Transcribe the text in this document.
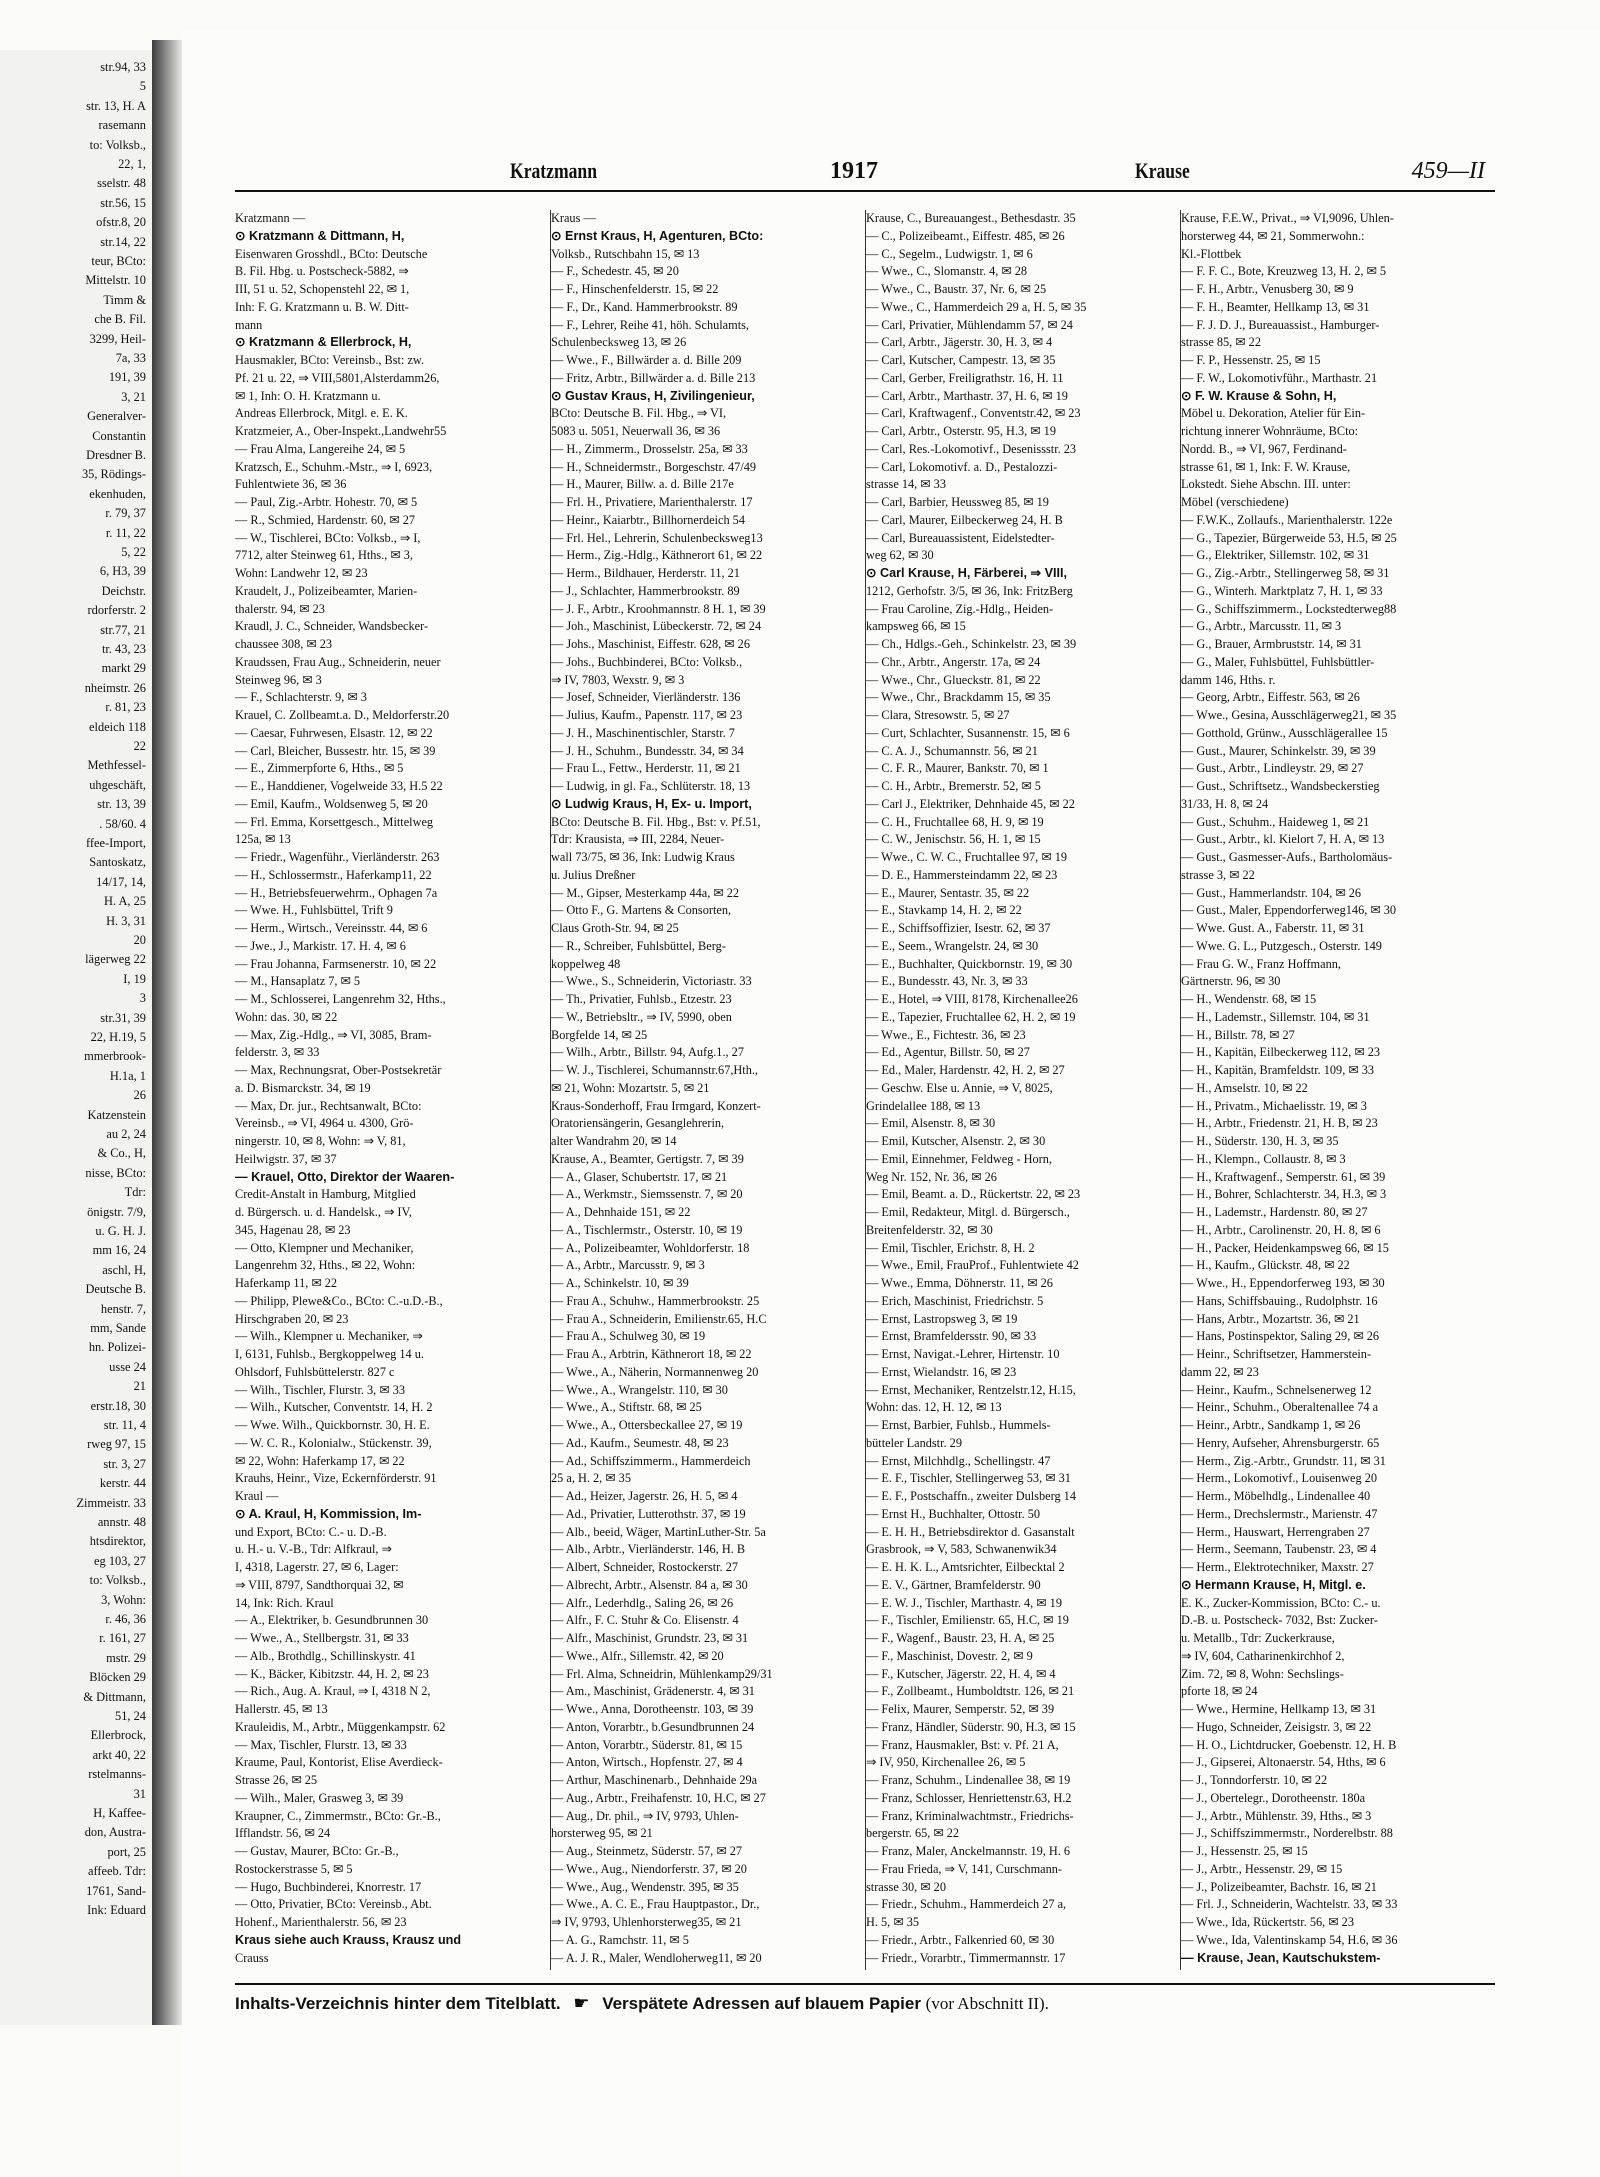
str.94, 33
5
str. 13, H. A
rasemann
to: Volksb.,
22, 1,
sselstr. 48
str.56, 15
ofstr.8, 20
str.14, 22
teur, BCto:
Mittelstr. 10
Timm &
che B. Fil.
3299, Heil-
7a, 33
191, 39
3, 21
Generalver-
Constantin
Dresdner B.
35, Rödings-
ekenhuden,
r. 79, 37
r. 11, 22
5, 22
6, H3, 39
Deichstr.
rdorferstr. 2
str.77, 21
tr. 43, 23
markt 29
nheimstr. 26
r. 81, 23
eldeich 118
22
Methfessel-
uhgeschäft,
str. 13, 39
. 58/60. 4
ffee-Import,
Santoskatz,
14/17, 14,
H. A, 25
H. 3, 31
20
lägerweg 22
I, 19
3
str.31, 39
22, H.19, 5
mmerbrook-
H.1a, 1
26
Katzenstein
au 2, 24
& Co., H,
nisse, BCto:
Tdr:
önigstr. 7/9,
u. G. H. J.
mm 16, 24
aschl, H,
Deutsche B.
henstr. 7,
mm, Sande
hn. Polizei-
usse 24
21
erstr.18, 30
str. 11, 4
rweg 97, 15
str. 3, 27
kerstr. 44
Zimmeistr. 33
annstr. 48
htsdirektor,
eg 103, 27
to: Volksb.,
3, Wohn:
r. 46, 36
r. 161, 27
mstr. 29
Blöcken 29
& Dittmann,
51, 24
Ellerbrock,
arkt 40, 22
rstelmanns-
31
H, Kaffee-
don, Austra-
port, 25
affeeb. Tdr:
1761, Sand-
Ink: Eduard
Kratzmann	1917	Krause	459—II
Kratzmann —
⊙ Kratzmann & Dittmann, H,
Eisenwaren Grosshdl., BCto: Deutsche
B. Fil. Hbg. u. Postscheck-5882, ⇒
III, 51 u. 52, Schopenstehl 22, ✉ 1,
Inh: F. G. Kratzmann u. B. W. Ditt-
mann
⊙ Kratzmann & Ellerbrock, H,
Hausmakler, BCto: Vereinsb., Bst: zw.
Pf. 21 u. 22, ⇒ VIII,5801,Alsterdamm26,
✉ 1, Inh: O. H. Kratzmann u.
Andreas Ellerbrock, Mitgl. e. E. K.
Kratzmeier, A., Ober-Inspekt.,Landwehr55
— Frau Alma, Langereihe 24, ✉ 5
Kratzsch, E., Schuhm.-Mstr., ⇒ I, 6923,
Fuhlentwiete 36, ✉ 36
— Paul, Zig.-Arbtr. Hohestr. 70, ✉ 5
— R., Schmied, Hardenstr. 60, ✉ 27
— W., Tischlerei, BCto: Volksb., ⇒ I,
7712, alter Steinweg 61, Hths., ✉ 3,
Wohn: Landwehr 12, ✉ 23
Kraudelt, J., Polizeibeamter, Marien-
thalerstr. 94, ✉ 23
Kraudl, J. C., Schneider, Wandsbecker-
chaussee 308, ✉ 23
Kraudssen, Frau Aug., Schneiderin, neuer
Steinweg 96, ✉ 3
— F., Schlachterstr. 9, ✉ 3
Krauel, C. Zollbeamt.a. D., Meldorferstr.20
— Caesar, Fuhrwesen, Elsastr. 12, ✉ 22
— Carl, Bleicher, Bussestr. htr. 15, ✉ 39
— E., Zimmerpforte 6, Hths., ✉ 5
— E., Handdiener, Vogelweide 33, H.5 22
— Emil, Kaufm., Woldsenweg 5, ✉ 20
— Frl. Emma, Korsettgesch., Mittelweg
125a, ✉ 13
— Friedr., Wagenführ., Vierländerstr. 263
— H., Schlossermstr., Haferkamp11, 22
— H., Betriebsfeuerwehrm., Ophagen 7a
— Wwe. H., Fuhlsbüttel, Trift 9
— Herm., Wirtsch., Vereinsstr. 44, ✉ 6
— Jwe., J., Markistr. 17. H. 4, ✉ 6
— Frau Johanna, Farmsenerstr. 10, ✉ 22
— M., Hansaplatz 7, ✉ 5
— M., Schlosserei, Langenrehm 32, Hths.,
Wohn: das. 30, ✉ 22
— Max, Zig.-Hdlg., ⇒ VI, 3085, Bram-
felderstr. 3, ✉ 33
— Max, Rechnungsrat, Ober-Postsekretär
a. D. Bismarckstr. 34, ✉ 19
— Max, Dr. jur., Rechtsanwalt, BCto:
Vereinsb., ⇒ VI, 4964 u. 4300, Grö-
ningerstr. 10, ✉ 8, Wohn: ⇒ V, 81,
Heilwigstr. 37, ✉ 37
— Krauel, Otto, Direktor der Waaren-
Credit-Anstalt in Hamburg, Mitglied
d. Bürgersch. u. d. Handelsk., ⇒ IV,
345, Hagenau 28, ✉ 23
— Otto, Klempner und Mechaniker,
Langenrehm 32, Hths., ✉ 22, Wohn:
Haferkamp 11, ✉ 22
— Philipp, Plewe&Co., BCto: C.-u.D.-B.,
Hirschgraben 20, ✉ 23
— Wilh., Klempner u. Mechaniker, ⇒
I, 6131, Fuhlsb., Bergkoppelweg 14 u.
Ohlsdorf, Fuhlsbüttelerstr. 827 c
— Wilh., Tischler, Flurstr. 3, ✉ 33
— Wilh., Kutscher, Conventstr. 14, H. 2
— Wwe. Wilh., Quickbornstr. 30, H. E.
— W. C. R., Kolonialw., Stückenstr. 39,
✉ 22, Wohn: Haferkamp 17, ✉ 22
Krauhs, Heinr., Vize, Eckernförderstr. 91
Kraul —
⊙ A. Kraul, H, Kommission, Im-
und Export, BCto: C.- u. D.-B.
u. H.- u. V.-B., Tdr: Alfkraul, ⇒
I, 4318, Lagerstr. 27, ✉ 6, Lager:
⇒ VIII, 8797, Sandthorquai 32, ✉
14, Ink: Rich. Kraul
— A., Elektriker, b. Gesundbrunnen 30
— Wwe., A., Stellbergstr. 31, ✉ 33
— Alb., Brothdlg., Schillinskystr. 41
— K., Bäcker, Kibitzstr. 44, H. 2, ✉ 23
— Rich., Aug. A. Kraul, ⇒ I, 4318 N 2,
Hallerstr. 45, ✉ 13
Krauleidis, M., Arbtr., Müggenkampstr. 62
— Max, Tischler, Flurstr. 13, ✉ 33
Kraume, Paul, Kontorist, Elise Averdieck-
Strasse 26, ✉ 25
— Wilh., Maler, Grasweg 3, ✉ 39
Kraupner, C., Zimmermstr., BCto: Gr.-B.,
Ifflandstr. 56, ✉ 24
— Gustav, Maurer, BCto: Gr.-B.,
Rostockerstrasse 5, ✉ 5
— Hugo, Buchbinderei, Knorrestr. 17
— Otto, Privatier, BCto: Vereinsb., Abt.
Hohenf., Marienthalerstr. 56, ✉ 23
Kraus siehe auch Krauss, Krausz und
Crauss
Kraus —
⊙ Ernst Kraus, H, Agenturen, BCto:
Volksb., Rutschbahn 15, ✉ 13
— F., Schedestr. 45, ✉ 20
— F., Hinschenfelderstr. 15, ✉ 22
— F., Dr., Kand. Hammerbrookstr. 89
— F., Lehrer, Reihe 41, höh. Schulamts,
Schulenbecksweg 13, ✉ 26
— Wwe., F., Billwärder a. d. Bille 209
— Fritz, Arbtr., Billwärder a. d. Bille 213
⊙ Gustav Kraus, H, Zivilingenieur,
BCto: Deutsche B. Fil. Hbg., ⇒ VI,
5083 u. 5051, Neuerwall 36, ✉ 36
— H., Zimmerm., Drosselstr. 25a, ✉ 33
— H., Schneidermstr., Borgeschstr. 47/49
— H., Maurer, Billw. a. d. Bille 217e
— Frl. H., Privatiere, Marienthalerstr. 17
— Heinr., Kaiarbtr., Billhornerdeich 54
— Frl. Hel., Lehrerin, Schulenbecksweg13
— Herm., Zig.-Hdlg., Käthnerort 61, ✉ 22
— Herm., Bildhauer, Herderstr. 11, 21
— J., Schlachter, Hammerbrookstr. 89
— J. F., Arbtr., Kroohmannstr. 8 H. 1, ✉ 39
— Joh., Maschinist, Lübeckerstr. 72, ✉ 24
— Johs., Maschinist, Eiffestr. 628, ✉ 26
— Johs., Buchbinderei, BCto: Volksb.,
⇒ IV, 7803, Wexstr. 9, ✉ 3
— Josef, Schneider, Vierländerstr. 136
— Julius, Kaufm., Papenstr. 117, ✉ 23
— J. H., Maschinentischler, Starstr. 7
— J. H., Schuhm., Bundesstr. 34, ✉ 34
— Frau L., Fettw., Herderstr. 11, ✉ 21
— Ludwig, in gl. Fa., Schlüterstr. 18, 13
⊙ Ludwig Kraus, H, Ex- u. Import,
BCto: Deutsche B. Fil. Hbg., Bst: v. Pf.51,
Tdr: Krausista, ⇒ III, 2284, Neuer-
wall 73/75, ✉ 36, Ink: Ludwig Kraus
u. Julius Dreßner
— M., Gipser, Mesterkamp 44a, ✉ 22
— Otto F., G. Martens & Consorten,
Claus Groth-Str. 94, ✉ 25
— R., Schreiber, Fuhlsbüttel, Berg-
koppelweg 48
— Wwe., S., Schneiderin, Victoriastr. 33
— Th., Privatier, Fuhlsb., Etzestr. 23
— W., Betriebsltr., ⇒ IV, 5990, oben
Borgfelde 14, ✉ 25
— Wilh., Arbtr., Billstr. 94, Aufg.1., 27
— W. J., Tischlerei, Schumannstr.67,Hth.,
✉ 21, Wohn: Mozartstr. 5, ✉ 21
Kraus-Sonderhoff, Frau Irmgard, Konzert-
Oratoriensängerin, Gesanglehrerin,
alter Wandrahm 20, ✉ 14
Krause, A., Beamter, Gertigstr. 7, ✉ 39
— A., Glaser, Schubertstr. 17, ✉ 21
— A., Werkmstr., Siemssenstr. 7, ✉ 20
— A., Dehnhaide 151, ✉ 22
— A., Tischlermstr., Osterstr. 10, ✉ 19
— A., Polizeibeamter, Wohldorferstr. 18
— A., Arbtr., Marcusstr. 9, ✉ 3
— A., Schinkelstr. 10, ✉ 39
— Frau A., Schuhw., Hammerbrookstr. 25
— Frau A., Schneiderin, Emilienstr.65, H.C
— Frau A., Schulweg 30, ✉ 19
— Frau A., Arbtrin, Käthnerort 18, ✉ 22
— Wwe., A., Näherin, Normannenweg 20
— Wwe., A., Wrangelstr. 110, ✉ 30
— Wwe., A., Stiftstr. 68, ✉ 25
— Wwe., A., Ottersbeckallee 27, ✉ 19
— Ad., Kaufm., Seumestr. 48, ✉ 23
— Ad., Schiffszimmerm., Hammerdeich
25 a, H. 2, ✉ 35
— Ad., Heizer, Jagerstr. 26, H. 5, ✉ 4
— Ad., Privatier, Lutterothstr. 37, ✉ 19
— Alb., beeid, Wäger, MartinLuther-Str. 5a
— Alb., Arbtr., Vierländerstr. 146, H. B
— Albert, Schneider, Rostockerstr. 27
— Albrecht, Arbtr., Alsenstr. 84 a, ✉ 30
— Alfr., Lederhdlg., Saling 26, ✉ 26
— Alfr., F. C. Stuhr & Co. Elisenstr. 4
— Alfr., Maschinist, Grundstr. 23, ✉ 31
— Wwe., Alfr., Sillemstr. 42, ✉ 20
— Frl. Alma, Schneidrin, Mühlenkamp29/31
— Am., Maschinist, Grädenerstr. 4, ✉ 31
— Wwe., Anna, Dorotheenstr. 103, ✉ 39
— Anton, Vorarbtr., b.Gesundbrunnen 24
— Anton, Vorarbtr., Süderstr. 81, ✉ 15
— Anton, Wirtsch., Hopfenstr. 27, ✉ 4
— Arthur, Maschinenarb., Dehnhaide 29a
— Aug., Arbtr., Freihafenstr. 10, H.C, ✉ 27
— Aug., Dr. phil., ⇒ IV, 9793, Uhlen-
horsterweg 95, ✉ 21
— Aug., Steinmetz, Süderstr. 57, ✉ 27
— Wwe., Aug., Niendorferstr. 37, ✉ 20
— Wwe., Aug., Wendenstr. 395, ✉ 35
— Wwe., A. C. E., Frau Hauptpastor., Dr.,
⇒ IV, 9793, Uhlenhorsterweg35, ✉ 21
— A. G., Ramchstr. 11, ✉ 5
— A. J. R., Maler, Wendloherweg11, ✉ 20
Krause, C., Bureauangest., Bethesdastr. 35
— C., Polizeibeamt., Eiffestr. 485, ✉ 26
— C., Segelm., Ludwigstr. 1, ✉ 6
— Wwe., C., Slomanstr. 4, ✉ 28
— Wwe., C., Baustr. 37, Nr. 6, ✉ 25
— Wwe., C., Hammerdeich 29 a, H. 5, ✉ 35
— Carl, Privatier, Mühlendamm 57, ✉ 24
— Carl, Arbtr., Jägerstr. 30, H. 3, ✉ 4
— Carl, Kutscher, Campestr. 13, ✉ 35
— Carl, Gerber, Freiligrathstr. 16, H. 11
— Carl, Arbtr., Marthastr. 37, H. 6, ✉ 19
— Carl, Kraftwagenf., Conventstr.42, ✉ 23
— Carl, Arbtr., Osterstr. 95, H.3, ✉ 19
— Carl, Res.-Lokomotivf., Desenissstr. 23
— Carl, Lokomotivf. a. D., Pestalozzi-
strasse 14, ✉ 33
— Carl, Barbier, Heussweg 85, ✉ 19
— Carl, Maurer, Eilbeckerweg 24, H. B
— Carl, Bureauassistent, Eidelstedter-
weg 62, ✉ 30
⊙ Carl Krause, H, Färberei, ⇒ VIII,
1212, Gerhofstr. 3/5, ✉ 36, Ink: FritzBerg
— Frau Caroline, Zig.-Hdlg., Heiden-
kampsweg 66, ✉ 15
— Ch., Hdlgs.-Geh., Schinkelstr. 23, ✉ 39
— Chr., Arbtr., Angerstr. 17a, ✉ 24
— Wwe., Chr., Glueckstr. 81, ✉ 22
— Wwe., Chr., Brackdamm 15, ✉ 35
— Clara, Stresowstr. 5, ✉ 27
— Curt, Schlachter, Susannenstr. 15, ✉ 6
— C. A. J., Schumannstr. 56, ✉ 21
— C. F. R., Maurer, Bankstr. 70, ✉ 1
— C. H., Arbtr., Bremerstr. 52, ✉ 5
— Carl J., Elektriker, Dehnhaide 45, ✉ 22
— C. H., Fruchtallee 68, H. 9, ✉ 19
— C. W., Jenischstr. 56, H. 1, ✉ 15
— Wwe., C. W. C., Fruchtallee 97, ✉ 19
— D. E., Hammersteindamm 22, ✉ 23
— E., Maurer, Sentastr. 35, ✉ 22
— E., Stavkamp 14, H. 2, ✉ 22
— E., Schiffsoffizier, Isestr. 62, ✉ 37
— E., Seem., Wrangelstr. 24, ✉ 30
— E., Buchhalter, Quickbornstr. 19, ✉ 30
— E., Bundesstr. 43, Nr. 3, ✉ 33
— E., Hotel, ⇒ VIII, 8178, Kirchenallee26
— E., Tapezier, Fruchtallee 62, H. 2, ✉ 19
— Wwe., E., Fichtestr. 36, ✉ 23
— Ed., Agentur, Billstr. 50, ✉ 27
— Ed., Maler, Hardenstr. 42, H. 2, ✉ 27
— Geschw. Else u. Annie, ⇒ V, 8025,
Grindelallee 188, ✉ 13
— Emil, Alsenstr. 8, ✉ 30
— Emil, Kutscher, Alsenstr. 2, ✉ 30
— Emil, Einnehmer, Feldweg - Horn,
Weg Nr. 152, Nr. 36, ✉ 26
— Emil, Beamt. a. D., Rückertstr. 22, ✉ 23
— Emil, Redakteur, Mitgl. d. Bürgersch.,
Breitenfelderstr. 32, ✉ 30
— Emil, Tischler, Erichstr. 8, H. 2
— Wwe., Emil, FrauProf., Fuhlentwiete 42
— Wwe., Emma, Döhnerstr. 11, ✉ 26
— Erich, Maschinist, Friedrichstr. 5
— Ernst, Lastropsweg 3, ✉ 19
— Ernst, Bramfeldersstr. 90, ✉ 33
— Ernst, Navigat.-Lehrer, Hirtenstr. 10
— Ernst, Wielandstr. 16, ✉ 23
— Ernst, Mechaniker, Rentzelstr.12, H.15,
Wohn: das. 12, H. 12, ✉ 13
— Ernst, Barbier, Fuhlsb., Hummels-
bütteler Landstr. 29
— Ernst, Milchhdlg., Schellingstr. 47
— E. F., Tischler, Stellingerweg 53, ✉ 31
— E. F., Postschaffn., zweiter Dulsberg 14
— Ernst H., Buchhalter, Ottostr. 50
— E. H. H., Betriebsdirektor d. Gasanstalt
Grasbrook, ⇒ V, 583, Schwanenwik34
— E. H. K. L., Amtsrichter, Eilbecktal 2
— E. V., Gärtner, Bramfelderstr. 90
— E. W. J., Tischler, Marthastr. 4, ✉ 19
— F., Tischler, Emilienstr. 65, H.C, ✉ 19
— F., Wagenf., Baustr. 23, H. A, ✉ 25
— F., Maschinist, Dovestr. 2, ✉ 9
— F., Kutscher, Jägerstr. 22, H. 4, ✉ 4
— F., Zollbeamt., Humboldtstr. 126, ✉ 21
— Felix, Maurer, Semperstr. 52, ✉ 39
— Franz, Händler, Süderstr. 90, H.3, ✉ 15
— Franz, Hausmakler, Bst: v. Pf. 21 A,
⇒ IV, 950, Kirchenallee 26, ✉ 5
— Franz, Schuhm., Lindenallee 38, ✉ 19
— Franz, Schlosser, Henriettenstr.63, H.2
— Franz, Kriminalwachtmstr., Friedrichs-
bergerstr. 65, ✉ 22
— Franz, Maler, Anckelmannstr. 19, H. 6
— Frau Frieda, ⇒ V, 141, Curschmann-
strasse 30, ✉ 20
— Friedr., Schuhm., Hammerdeich 27 a,
H. 5, ✉ 35
— Friedr., Arbtr., Falkenried 60, ✉ 30
— Friedr., Vorarbtr., Timmermannstr. 17
Krause, F.E.W., Privat., ⇒ VI,9096, Uhlen-
horsterweg 44, ✉ 21, Sommerwohn.:
Kl.-Flottbek
— F. F. C., Bote, Kreuzweg 13, H. 2, ✉ 5
— F. H., Arbtr., Venusberg 30, ✉ 9
— F. H., Beamter, Hellkamp 13, ✉ 31
— F. J. D. J., Bureauassist., Hamburger-
strasse 85, ✉ 22
— F. P., Hessenstr. 25, ✉ 15
— F. W., Lokomotivführ., Marthastr. 21
⊙ F. W. Krause & Sohn, H,
Möbel u. Dekoration, Atelier für Ein-
richtung innerer Wohnräume, BCto:
Nordd. B., ⇒ VI, 967, Ferdinand-
strasse 61, ✉ 1, Ink: F. W. Krause,
Lokstedt. Siehe Abschn. III. unter:
Möbel (verschiedene)
— F.W.K., Zollaufs., Marienthalerstr. 122e
— G., Tapezier, Bürgerweide 53, H.5, ✉ 25
— G., Elektriker, Sillemstr. 102, ✉ 31
— G., Zig.-Arbtr., Stellingerweg 58, ✉ 31
— G., Winterh. Marktplatz 7, H. 1, ✉ 33
— G., Schiffszimmerm., Lockstedterweg88
— G., Arbtr., Marcusstr. 11, ✉ 3
— G., Brauer, Armbruststr. 14, ✉ 31
— G., Maler, Fuhlsbüttel, Fuhlsbüttler-
damm 146, Hths. r.
— Georg, Arbtr., Eiffestr. 563, ✉ 26
— Wwe., Gesina, Ausschlägerweg21, ✉ 35
— Gotthold, Grünw., Ausschlägerallee 15
— Gust., Maurer, Schinkelstr. 39, ✉ 39
— Gust., Arbtr., Lindleystr. 29, ✉ 27
— Gust., Schriftsetz., Wandsbeckerstieg
31/33, H. 8, ✉ 24
— Gust., Schuhm., Haideweg 1, ✉ 21
— Gust., Arbtr., kl. Kielort 7, H. A, ✉ 13
— Gust., Gasmesser-Aufs., Bartholomäus-
strasse 3, ✉ 22
— Gust., Hammerlandstr. 104, ✉ 26
— Gust., Maler, Eppendorferweg146, ✉ 30
— Wwe. Gust. A., Faberstr. 11, ✉ 31
— Wwe. G. L., Putzgesch., Osterstr. 149
— Frau G. W., Franz Hoffmann,
Gärtnerstr. 96, ✉ 30
— H., Wendenstr. 68, ✉ 15
— H., Lademstr., Sillemstr. 104, ✉ 31
— H., Billstr. 78, ✉ 27
— H., Kapitän, Eilbeckerweg 112, ✉ 23
— H., Kapitän, Bramfeldstr. 109, ✉ 33
— H., Amselstr. 10, ✉ 22
— H., Privatm., Michaelisstr. 19, ✉ 3
— H., Arbtr., Friedenstr. 21, H. B, ✉ 23
— H., Süderstr. 130, H. 3, ✉ 35
— H., Klempn., Collaustr. 8, ✉ 3
— H., Kraftwagenf., Semperstr. 61, ✉ 39
— H., Bohrer, Schlachterstr. 34, H.3, ✉ 3
— H., Lademstr., Hardenstr. 80, ✉ 27
— H., Arbtr., Carolinenstr. 20, H. 8, ✉ 6
— H., Packer, Heidenkampsweg 66, ✉ 15
— H., Kaufm., Glückstr. 48, ✉ 22
— Wwe., H., Eppendorferweg 193, ✉ 30
— Hans, Schiffsbauing., Rudolphstr. 16
— Hans, Arbtr., Mozartstr. 36, ✉ 21
— Hans, Postinspektor, Saling 29, ✉ 26
— Heinr., Schriftsetzer, Hammerstein-
damm 22, ✉ 23
— Heinr., Kaufm., Schnelsenerweg 12
— Heinr., Schuhm., Oberaltenallee 74 a
— Heinr., Arbtr., Sandkamp 1, ✉ 26
— Henry, Aufseher, Ahrensburgerstr. 65
— Herm., Zig.-Arbtr., Grundstr. 11, ✉ 31
— Herm., Lokomotivf., Louisenweg 20
— Herm., Möbelhdlg., Lindenallee 40
— Herm., Drechslermstr., Marienstr. 47
— Herm., Hauswart, Herrengraben 27
— Herm., Seemann, Taubenstr. 23, ✉ 4
— Herm., Elektrotechniker, Maxstr. 27
⊙ Hermann Krause, H, Mitgl. e.
E. K., Zucker-Kommission, BCto: C.- u.
D.-B. u. Postscheck- 7032, Bst: Zucker-
u. Metallb., Tdr: Zuckerkrause,
⇒ IV, 604, Catharinenkirchhof 2,
Zim. 72, ✉ 8, Wohn: Sechslings-
pforte 18, ✉ 24
— Wwe., Hermine, Hellkamp 13, ✉ 31
— Hugo, Schneider, Zeisigstr. 3, ✉ 22
— H. O., Lichtdrucker, Goebenstr. 12, H. B
— J., Gipserei, Altonaerstr. 54, Hths, ✉ 6
— J., Tonndorferstr. 10, ✉ 22
— J., Obertelegr., Dorotheenstr. 180a
— J., Arbtr., Mühlenstr. 39, Hths., ✉ 3
— J., Schiffszimmermstr., Norderelbstr. 88
— J., Hessenstr. 25, ✉ 15
— J., Arbtr., Hessenstr. 29, ✉ 15
— J., Polizeibeamter, Bachstr. 16, ✉ 21
— Frl. J., Schneiderin, Wachtelstr. 33, ✉ 33
— Wwe., Ida, Rückertstr. 56, ✉ 23
— Wwe., Ida, Valentinskamp 54, H.6, ✉ 36
— Krause, Jean, Kautschukstem-
Inhalts-Verzeichnis hinter dem Titelblatt. ☛ Verspätete Adressen auf blauem Papier (vor Abschnitt II).
